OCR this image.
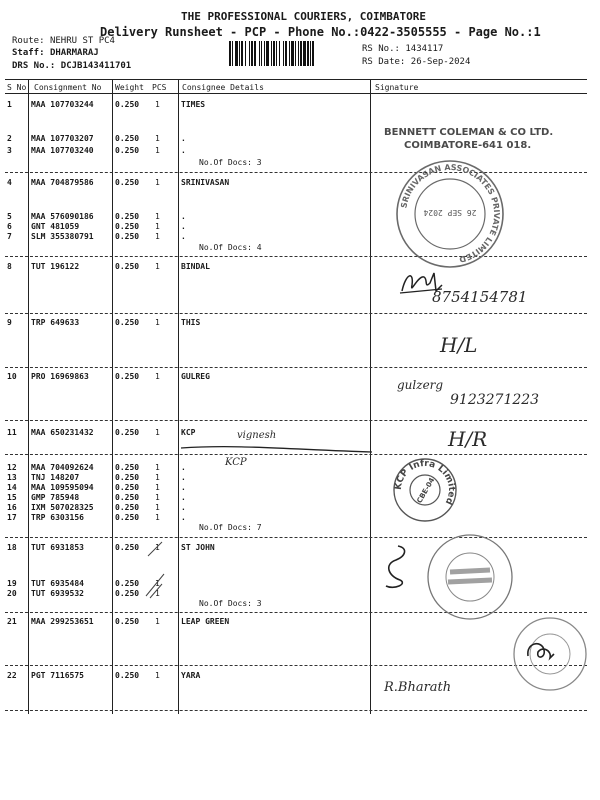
THE PROFESSIONAL COURIERS, COIMBATORE
Delivery Runsheet - PCP - Phone No.:0422-3505555 - Page No.:1
Route: NEHRU ST PC4
Staff: DHARMARAJ
DRS No.: DCJB143411701
RS No.: 1434117
RS Date: 26-Sep-2024
S No Consignment No Weight PCS Consignee Details	Signature
1 MAA 107703244	0.250 1	TIMES
2 MAA 107703207	0.250 1	.
3 MAA 107703240	0.250 1	.
4 MAA 704879586	0.250 1	SRINIVASAN
5 MAA 576090186	0.250 1	.
6 GNT 481059	0.250 1	.
7 SLM 355380791	0.250 1	.
8 TUT 196122	0.250 1	BINDAL
9 TRP 649633	0.250 1	THIS
10 PRO 16969863	0.250 1	GULREG
11 MAA 650231432	0.250 1	KCP
12 MAA 704092624	0.250 1	.
13 TNJ 148207	0.250 1	.
14 MAA 109595094	0.250 1	.
15 GMP 785948	0.250 1	.
16 IXM 507028325	0.250 1	.
17 TRP 6303156	0.250 1	.
18 TUT 6931853	0.250 1	ST JOHN
19 TUT 6935484	0.250 1
20 TUT 6939532	0.250 1
21 MAA 299253651	0.250 1	LEAP GREEN
22 PGT 7116575	0.250 1	YARA
No.Of Docs: 3
No.Of Docs: 4
No.Of Docs: 7
No.Of Docs: 3
BENNETT COLEMAN & CO LTD.
COIMBATORE-641 018.
SRINIVASAN ASSOCIATES PRIVATE LIMITED
26 SEP 2024
KCP Infra Limited
CBE-04
8754154781
H/L
gulzerg
9123271223
vignesh	H/R
KCP
R.Bharath
